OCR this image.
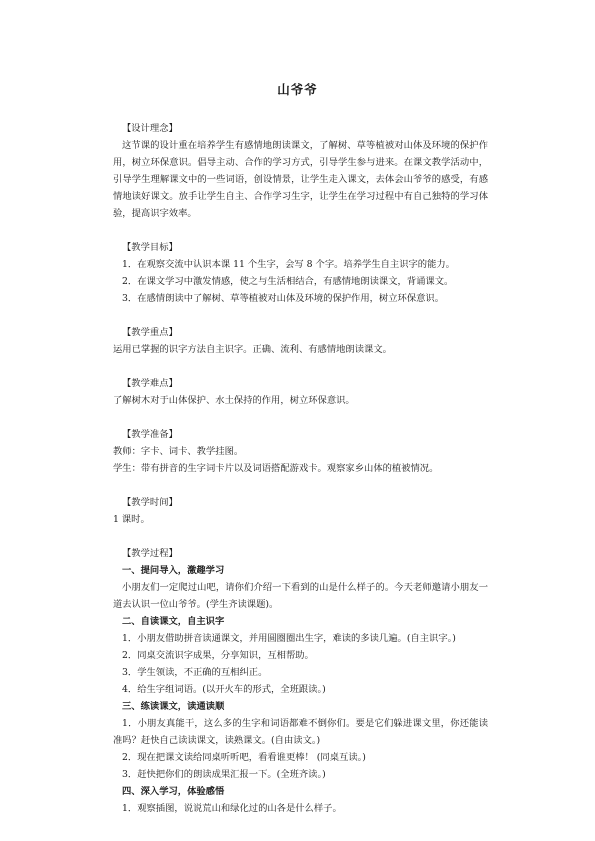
山爷爷

【设计理念】

这节课的设计重在培养学生有感情地朗读课文，了解树、草等植被对山体及环境的保护作用，树立环保意识。倡导主动、合作的学习方式，引导学生参与进来。在课文教学活动中，引导学生理解课文中的一些词语，创设情景，让学生走入课文，去体会山爷爷的感受，有感情地读好课文。放手让学生自主、合作学习生字，让学生在学习过程中有自己独特的学习体验，提高识字效率。

【教学目标】

1．在观察交流中认识本课 11 个生字，会写 8 个字。培养学生自主识字的能力。

2．在课文学习中激发情感，使之与生活相结合，有感情地朗读课文，背诵课文。

3．在感情朗读中了解树、草等植被对山体及环境的保护作用，树立环保意识。

【教学重点】

运用已掌握的识字方法自主识字。正确、流利、有感情地朗读课文。

【教学难点】

了解树木对于山体保护、水土保持的作用，树立环保意识。

【教学准备】

教师：字卡、词卡、教学挂图。

学生：带有拼音的生字词卡片以及词语搭配游戏卡。观察家乡山体的植被情况。

【教学时间】

1 课时。

【教学过程】

一、提问导入，激趣学习

小朋友们一定爬过山吧，请你们介绍一下看到的山是什么样子的。今天老师邀请小朋友一道去认识一位山爷爷。(学生齐读课题)。

二、自读课文，自主识字

1．小朋友借助拼音读通课文，并用圆圈圈出生字，难读的多读几遍。(自主识字。)

2．同桌交流识字成果，分享知识，互相帮助。

3．学生领读，不正确的互相纠正。

4．给生字组词语。(以开火车的形式，全班跟读。)

三、练读课文，读通读顺

1．小朋友真能干，这么多的生字和词语都难不倒你们。要是它们躲进课文里，你还能读准吗？赶快自己读读课文，读熟课文。(自由读文。)

2．现在把课文读给同桌听听吧，看看谁更棒！ (同桌互读。)

3．赶快把你们的朗读成果汇报一下。(全班齐读。)

四、深入学习，体验感悟

1．观察插图，说说荒山和绿化过的山各是什么样子。
